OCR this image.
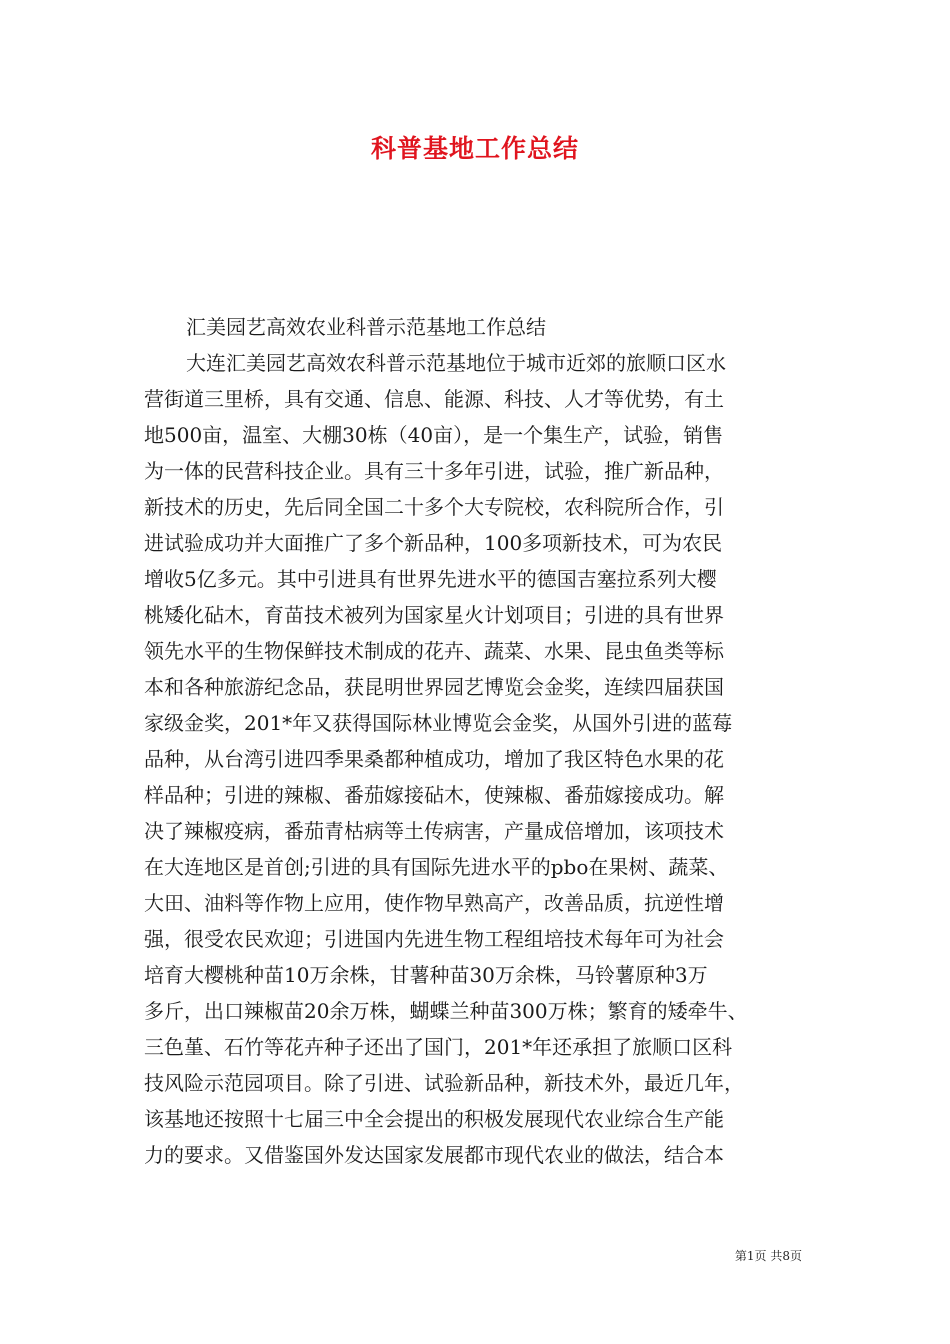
科普基地工作总结
汇美园艺高效农业科普示范基地工作总结
大连汇美园艺高效农科普示范基地位于城市近郊的旅顺口区水
营街道三里桥，具有交通、信息、能源、科技、人才等优势，有土
地500亩，温室、大棚30栋（40亩），是一个集生产，试验，销售
为一体的民营科技企业。具有三十多年引进，试验，推广新品种，
新技术的历史，先后同全国二十多个大专院校，农科院所合作，引
进试验成功并大面推广了多个新品种，100多项新技术，可为农民
增收5亿多元。其中引进具有世界先进水平的德国吉塞拉系列大樱
桃矮化砧木，育苗技术被列为国家星火计划项目；引进的具有世界
领先水平的生物保鲜技术制成的花卉、蔬菜、水果、昆虫鱼类等标
本和各种旅游纪念品，获昆明世界园艺博览会金奖，连续四届获国
家级金奖，201*年又获得国际林业博览会金奖，从国外引进的蓝莓
品种，从台湾引进四季果桑都种植成功，增加了我区特色水果的花
样品种；引进的辣椒、番茄嫁接砧木，使辣椒、番茄嫁接成功。解
决了辣椒疫病，番茄青枯病等土传病害，产量成倍增加，该项技术
在大连地区是首创;引进的具有国际先进水平的pbo在果树、蔬菜、
大田、油料等作物上应用，使作物早熟高产，改善品质，抗逆性增
强，很受农民欢迎；引进国内先进生物工程组培技术每年可为社会
培育大樱桃种苗10万余株，甘薯种苗30万余株，马铃薯原种3万
多斤，出口辣椒苗20余万株，蝴蝶兰种苗300万株；繁育的矮牵牛、
三色堇、石竹等花卉种子还出了国门，201*年还承担了旅顺口区科
技风险示范园项目。除了引进、试验新品种，新技术外，最近几年，
该基地还按照十七届三中全会提出的积极发展现代农业综合生产能
力的要求。又借鉴国外发达国家发展都市现代农业的做法，结合本
第1页 共8页
